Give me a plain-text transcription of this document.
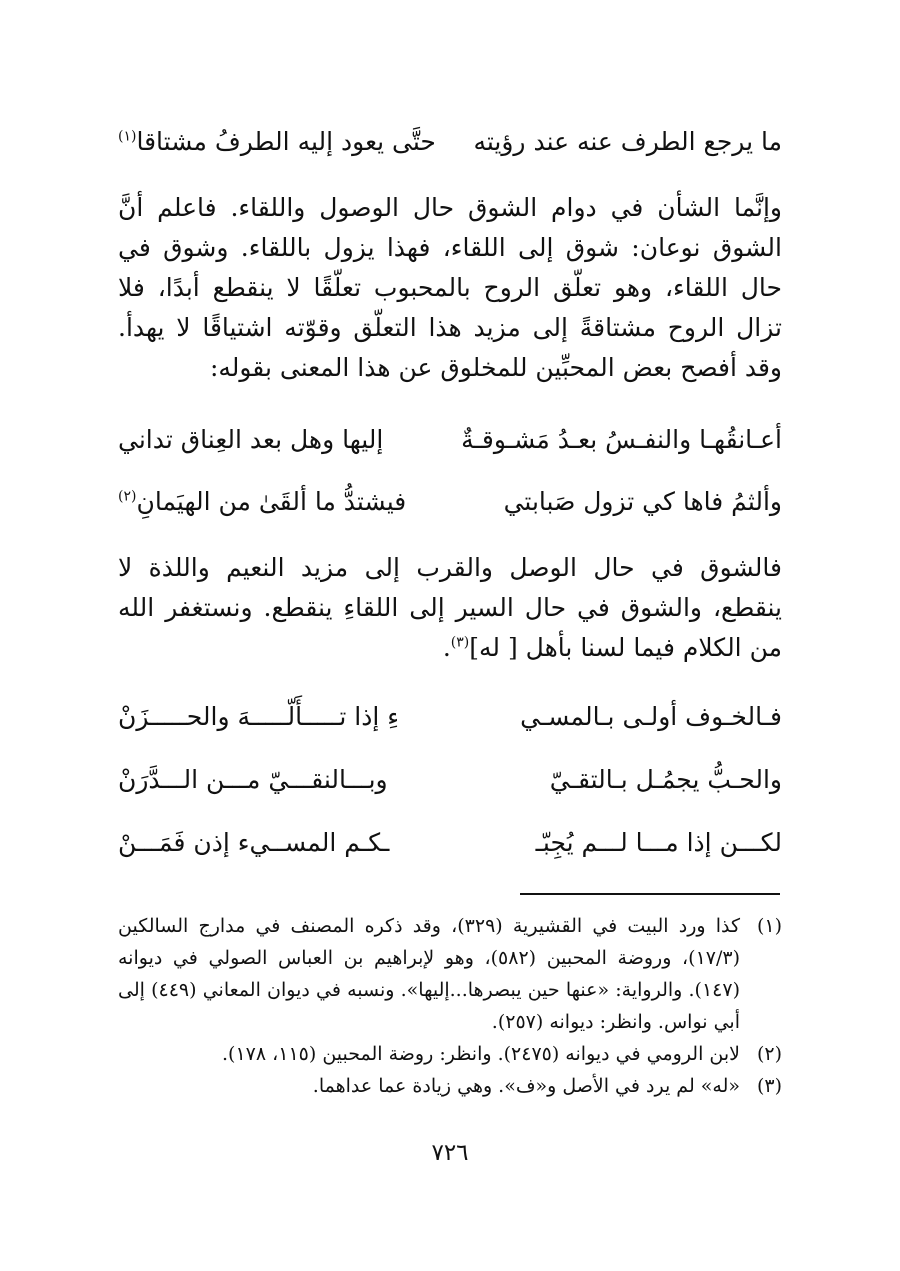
ما يرجع الطرف عنه عند رؤيته
حتَّى يعود إليه الطرفُ مشتاقا$^{(١)}$

وإنَّما الشأن في دوام الشوق حال الوصول واللقاء. فاعلم أنَّ الشوق نوعان: شوق إلى اللقاء، فهذا يزول باللقاء. وشوق في حال اللقاء، وهو تعلّق الروح بالمحبوب تعلّقًا لا ينقطع أبدًا، فلا تزال الروح مشتاقةً إلى مزيد هذا التعلّق وقوّته اشتياقًا لا يهدأ. وقد أفصح بعض المحبِّين للمخلوق عن هذا المعنى بقوله:

أعـانقُهـا والنفـسُ بعـدُ مَشـوقـةٌ
إليها وهل بعد العِناق تداني
وألثمُ فاها كي تزول صَبابتي
فيشتدُّ ما ألقَىٰ من الهيَمانِ$^{(٢)}$

فالشوق في حال الوصل والقرب إلى مزيد النعيم واللذة لا ينقطع، والشوق في حال السير إلى اللقاءِ ينقطع. ونستغفر الله من الكلام فيما لسنا بأهل [ له]$^{(٣)}$.

فـالخـوف أولـى بـالمسـي
ءِ إذا تـــــأَلّـــــهَ والحـــــزَنْ
والحـبُّ يجمُـل بـالتقـيّ
وبـــالنقـــيّ مـــن الـــدَّرَنْ
لكـــن إذا مـــا لـــم يُجِبّـ
ـكـم المســيء إذن فَمَـــنْ
(١)
كذا ورد البيت في القشيرية (٣٢٩)، وقد ذكره المصنف في مدارج السالكين (١٧/٣)، وروضة المحبين (٥٨٢)، وهو لإبراهيم بن العباس الصولي في ديوانه (١٤٧). والرواية: «عنها حين يبصرها...إليها». ونسبه في ديوان المعاني (٤٤٩) إلى أبي نواس. وانظر: ديوانه (٢٥٧).
(٢)
لابن الرومي في ديوانه (٢٤٧٥). وانظر: روضة المحبين (١١٥، ١٧٨).
(٣)
«له» لم يرد في الأصل و«ف». وهي زيادة عما عداهما.
٧٢٦
